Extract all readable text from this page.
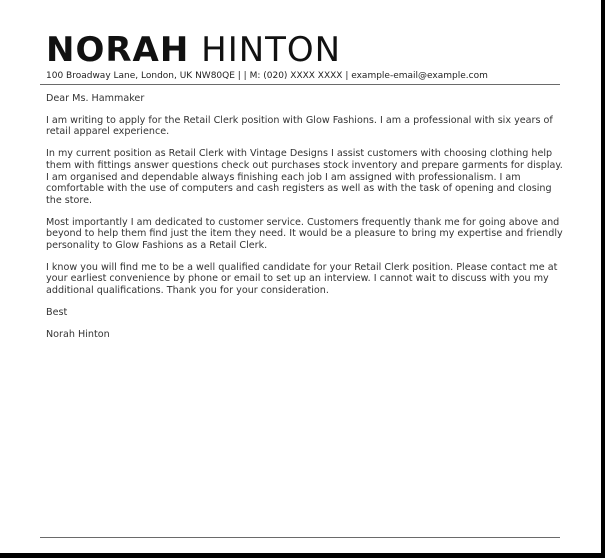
NORAH HINTON
100 Broadway Lane, London, UK NW80QE | | M: (020) XXXX XXXX | example-email@example.com

Dear Ms. Hammaker

I am writing to apply for the Retail Clerk position with Glow Fashions. I am a professional with six years of retail apparel experience.

In my current position as Retail Clerk with Vintage Designs I assist customers with choosing clothing help them with fittings answer questions check out purchases stock inventory and prepare garments for display. I am organised and dependable always finishing each job I am assigned with professionalism. I am comfortable with the use of computers and cash registers as well as with the task of opening and closing the store.

Most importantly I am dedicated to customer service. Customers frequently thank me for going above and beyond to help them find just the item they need. It would be a pleasure to bring my expertise and friendly personality to Glow Fashions as a Retail Clerk.

I know you will find me to be a well qualified candidate for your Retail Clerk position. Please contact me at your earliest convenience by phone or email to set up an interview. I cannot wait to discuss with you my additional qualifications. Thank you for your consideration.

Best

Norah Hinton
